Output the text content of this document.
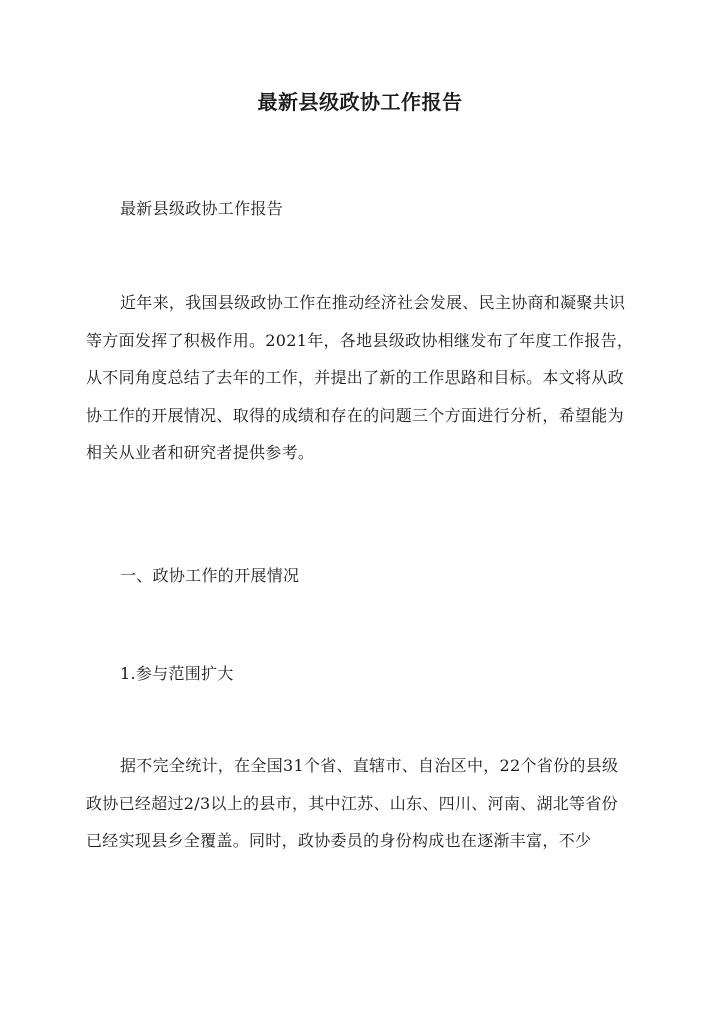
最新县级政协工作报告

最新县级政协工作报告

近年来，我国县级政协工作在推动经济社会发展、民主协商和凝聚共识等方面发挥了积极作用。2021年，各地县级政协相继发布了年度工作报告，从不同角度总结了去年的工作，并提出了新的工作思路和目标。本文将从政协工作的开展情况、取得的成绩和存在的问题三个方面进行分析，希望能为相关从业者和研究者提供参考。

一、政协工作的开展情况

1.参与范围扩大

据不完全统计，在全国31个省、直辖市、自治区中，22个省份的县级政协已经超过2/3以上的县市，其中江苏、山东、四川、河南、湖北等省份已经实现县乡全覆盖。同时，政协委员的身份构成也在逐渐丰富，不少
